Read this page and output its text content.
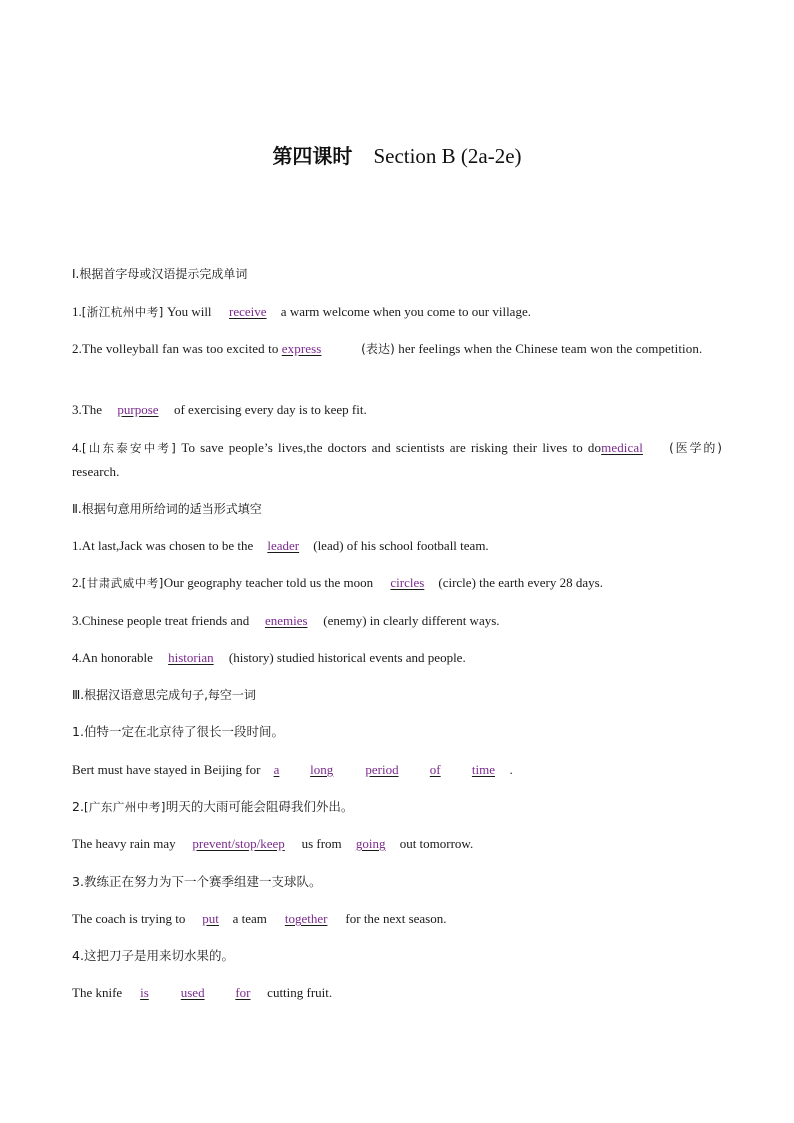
第四课时 Section B (2a-2e)
Ⅰ.根据首字母或汉语提示完成单词
1.[浙江杭州中考] You will receive a warm welcome when you come to our village.
2.The volleyball fan was too excited to express	(表达) her feelings when the Chinese team won the competition.
3.The purpose of exercising every day is to keep fit.
4.[山东泰安中考] To save people’s lives,the doctors and scientists are risking their lives to domedical (医学的) research.
Ⅱ.根据句意用所给词的适当形式填空
1.At last,Jack was chosen to be the leader (lead) of his school football team.
2.[甘肃武威中考]Our geography teacher told us the moon circles (circle) the earth every 28 days.
3.Chinese people treat friends and enemies (enemy) in clearly different ways.
4.An honorable historian (history) studied historical events and people.
Ⅲ.根据汉语意思完成句子,每空一词
1.伯特一定在北京待了很长一段时间。
Bert must have stayed in Beijing for a long period of time .
2.[广东广州中考]明天的大雨可能会阻碍我们外出。
The heavy rain may prevent/stop/keep us from going out tomorrow.
3.教练正在努力为下一个赛季组建一支球队。
The coach is trying to put a team together for the next season.
4.这把刀子是用来切水果的。
The knife is used for cutting fruit.
